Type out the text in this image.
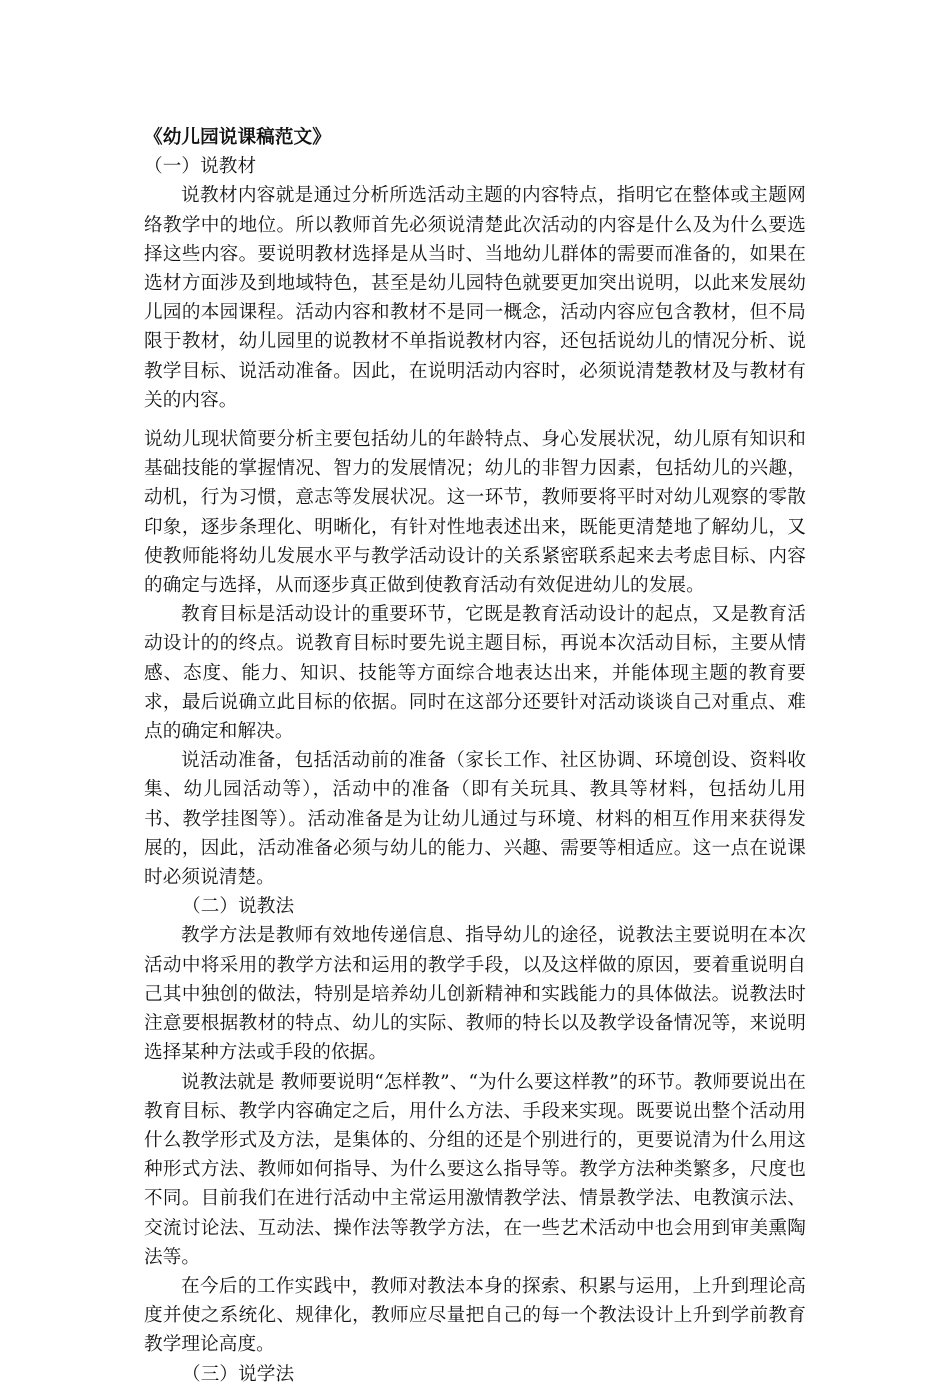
《幼儿园说课稿范文》

（一）说教材

说教材内容就是通过分析所选活动主题的内容特点，指明它在整体或主题网络教学中的地位。所以教师首先必须说清楚此次活动的内容是什么及为什么要选择这些内容。要说明教材选择是从当时、当地幼儿群体的需要而准备的，如果在选材方面涉及到地域特色，甚至是幼儿园特色就要更加突出说明，以此来发展幼儿园的本园课程。活动内容和教材不是同一概念，活动内容应包含教材，但不局限于教材，幼儿园里的说教材不单指说教材内容，还包括说幼儿的情况分析、说教学目标、说活动准备。因此，在说明活动内容时，必须说清楚教材及与教材有关的内容。

说幼儿现状简要分析主要包括幼儿的年龄特点、身心发展状况，幼儿原有知识和基础技能的掌握情况、智力的发展情况；幼儿的非智力因素，包括幼儿的兴趣，动机，行为习惯，意志等发展状况。这一环节，教师要将平时对幼儿观察的零散印象，逐步条理化、明晰化，有针对性地表述出来，既能更清楚地了解幼儿，又使教师能将幼儿发展水平与教学活动设计的关系紧密联系起来去考虑目标、内容的确定与选择，从而逐步真正做到使教育活动有效促进幼儿的发展。

教育目标是活动设计的重要环节，它既是教育活动设计的起点，又是教育活动设计的的终点。说教育目标时要先说主题目标，再说本次活动目标，主要从情感、态度、能力、知识、技能等方面综合地表达出来，并能体现主题的教育要求，最后说确立此目标的依据。同时在这部分还要针对活动谈谈自己对重点、难点的确定和解决。

说活动准备，包括活动前的准备（家长工作、社区协调、环境创设、资料收集、幼儿园活动等），活动中的准备（即有关玩具、教具等材料，包括幼儿用书、教学挂图等）。活动准备是为让幼儿通过与环境、材料的相互作用来获得发展的，因此，活动准备必须与幼儿的能力、兴趣、需要等相适应。这一点在说课时必须说清楚。

（二）说教法

教学方法是教师有效地传递信息、指导幼儿的途径，说教法主要说明在本次活动中将采用的教学方法和运用的教学手段，以及这样做的原因，要着重说明自己其中独创的做法，特别是培养幼儿创新精神和实践能力的具体做法。说教法时注意要根据教材的特点、幼儿的实际、教师的特长以及教学设备情况等，来说明选择某种方法或手段的依据。

说教法就是 教师要说明“怎样教”、“为什么要这样教”的环节。教师要说出在教育目标、教学内容确定之后，用什么方法、手段来实现。既要说出整个活动用什么教学形式及方法，是集体的、分组的还是个别进行的，更要说清为什么用这种形式方法、教师如何指导、为什么要这么指导等。教学方法种类繁多，尺度也不同。目前我们在进行活动中主常运用激情教学法、情景教学法、电教演示法、交流讨论法、互动法、操作法等教学方法，在一些艺术活动中也会用到审美熏陶法等。

在今后的工作实践中，教师对教法本身的探索、积累与运用，上升到理论高度并使之系统化、规律化，教师应尽量把自己的每一个教法设计上升到学前教育教学理论高度。

（三）说学法
